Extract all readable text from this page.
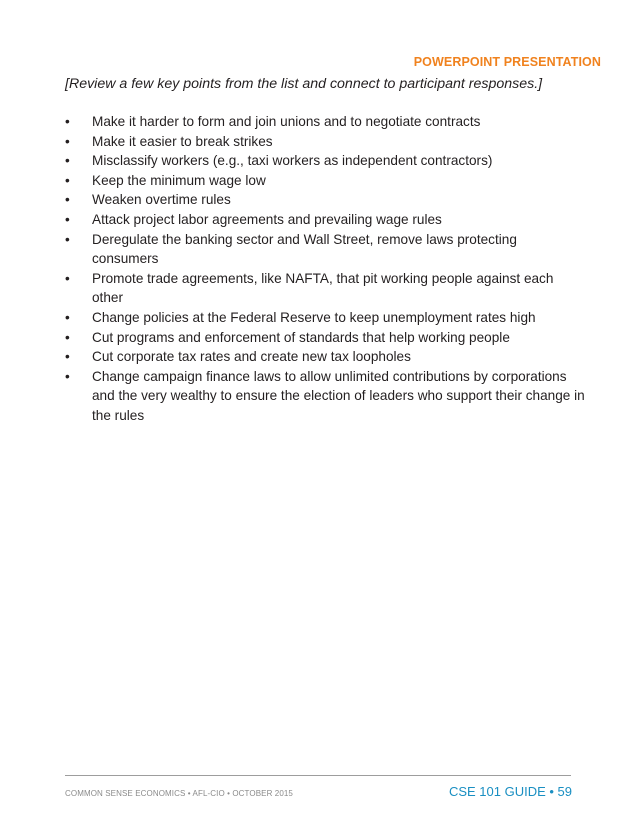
POWERPOINT PRESENTATION
[Review a few key points from the list and connect to participant responses.]
• Make it harder to form and join unions and to negotiate contracts
• Make it easier to break strikes
• Misclassify workers (e.g., taxi workers as independent contractors)
• Keep the minimum wage low
• Weaken overtime rules
• Attack project labor agreements and prevailing wage rules
• Deregulate the banking sector and Wall Street, remove laws protecting consumers
• Promote trade agreements, like NAFTA, that pit working people against each other
• Change policies at the Federal Reserve to keep unemployment rates high
• Cut programs and enforcement of standards that help working people
• Cut corporate tax rates and create new tax loopholes
• Change campaign finance laws to allow unlimited contributions by corporations and the very wealthy to ensure the election of leaders who support their change in the rules
COMMON SENSE ECONOMICS • AFL-CIO • OCTOBER 2015	CSE 101 GUIDE • 59
